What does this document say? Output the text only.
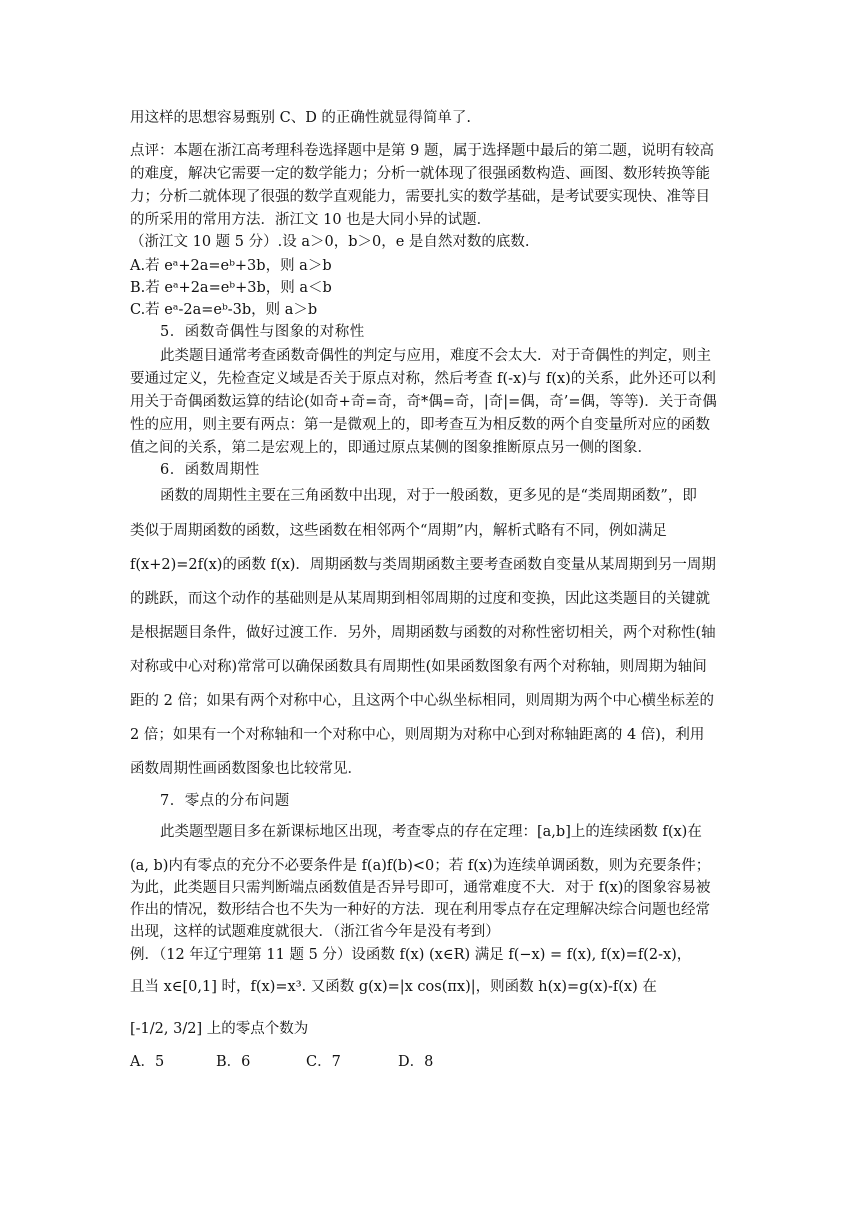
用这样的思想容易甄别 C、D 的正确性就显得简单了.
点评：本题在浙江高考理科卷选择题中是第 9 题，属于选择题中最后的第二题，说明有较高
的难度，解决它需要一定的数学能力；分析一就体现了很强函数构造、画图、数形转换等能
力；分析二就体现了很强的数学直观能力，需要扎实的数学基础，是考试要实现快、准等目
的所采用的常用方法．浙江文 10 也是大同小异的试题．
（浙江文 10 题 5 分）.设 a＞0，b＞0，e 是自然对数的底数.
A.若 eᵃ+2a=eᵇ+3b，则 a＞b
B.若 eᵃ+2a=eᵇ+3b，则 a＜b
C.若 eᵃ-2a=eᵇ-3b，则 a＞b
5．函数奇偶性与图象的对称性
此类题目通常考查函数奇偶性的判定与应用，难度不会太大．对于奇偶性的判定，则主
要通过定义，先检查定义域是否关于原点对称，然后考查 f(-x)与 f(x)的关系，此外还可以利
用关于奇偶函数运算的结论(如奇+奇=奇，奇*偶=奇，|奇|=偶，奇’=偶，等等)．关于奇偶
性的应用，则主要有两点：第一是微观上的，即考查互为相反数的两个自变量所对应的函数
值之间的关系，第二是宏观上的，即通过原点某侧的图象推断原点另一侧的图象．
6．函数周期性
函数的周期性主要在三角函数中出现，对于一般函数，更多见的是“类周期函数”，即
类似于周期函数的函数，这些函数在相邻两个“周期”内，解析式略有不同，例如满足
f(x+2)=2f(x)的函数 f(x)．周期函数与类周期函数主要考查函数自变量从某周期到另一周期
的跳跃，而这个动作的基础则是从某周期到相邻周期的过度和变换，因此这类题目的关键就
是根据题目条件，做好过渡工作．另外，周期函数与函数的对称性密切相关，两个对称性(轴
对称或中心对称)常常可以确保函数具有周期性(如果函数图象有两个对称轴，则周期为轴间
距的 2 倍；如果有两个对称中心，且这两个中心纵坐标相同，则周期为两个中心横坐标差的
2 倍；如果有一个对称轴和一个对称中心，则周期为对称中心到对称轴距离的 4 倍)，利用
函数周期性画函数图象也比较常见．
7．零点的分布问题
此类题型题目多在新课标地区出现，考查零点的存在定理：[a,b]上的连续函数 f(x)在
(a, b)内有零点的充分不必要条件是 f(a)f(b)<0；若 f(x)为连续单调函数，则为充要条件；
为此，此类题目只需判断端点函数值是否异号即可，通常难度不大．对于 f(x)的图象容易被
作出的情况，数形结合也不失为一种好的方法．现在利用零点存在定理解决综合问题也经常
出现，这样的试题难度就很大．（浙江省今年是没有考到）
例．（12 年辽宁理第 11 题 5 分）设函数 f(x) (x∈R) 满足 f(−x) = f(x), f(x)=f(2-x)，
且当 x∈[0,1] 时，f(x)=x³. 又函数 g(x)=|x cos(πx)|，则函数 h(x)=g(x)-f(x) 在
[-1/2, 3/2] 上的零点个数为
A．5	B．6	C．7	D．8
